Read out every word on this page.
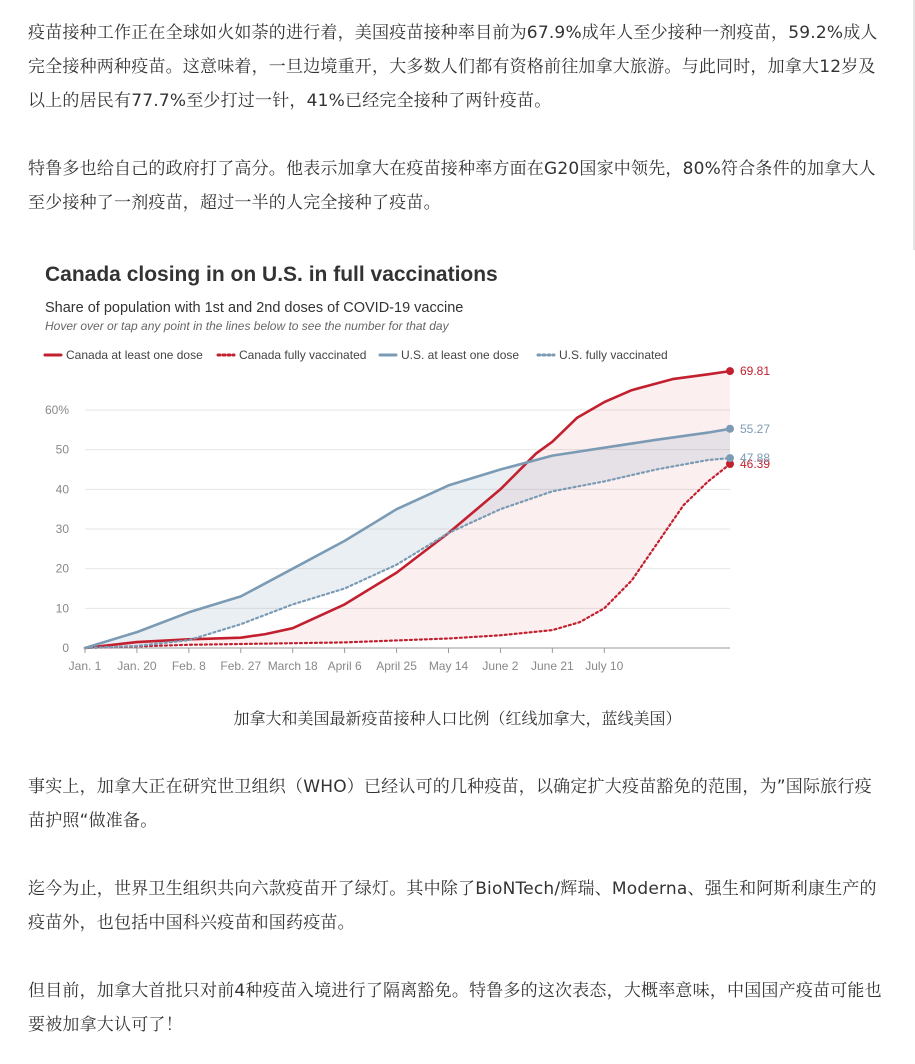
疫苗接种工作正在全球如火如荼的进行着，美国疫苗接种率目前为67.9%成年人至少接种一剂疫苗，59.2%成人完全接种两种疫苗。这意味着，一旦边境重开，大多数人们都有资格前往加拿大旅游。与此同时，加拿大12岁及以上的居民有77.7%至少打过一针，41%已经完全接种了两针疫苗。

特鲁多也给自己的政府打了高分。他表示加拿大在疫苗接种率方面在G20国家中领先，80%符合条件的加拿大人至少接种了一剂疫苗，超过一半的人完全接种了疫苗。

Canada closing in on U.S. in full vaccinations
Share of population with 1st and 2nd doses of COVID-19 vaccine
Hover over or tap any point in the lines below to see the number for that day
Canada at least one dose	Canada fully vaccinated	U.S. at least one dose	U.S. fully vaccinated
60%
50
40
30
20
10
0
Jan. 1 Jan. 20 Feb. 8 Feb. 27 March 18 April 6 April 25 May 14 June 2 June 21 July 10
69.81
46.39
55.27
47.88
加拿大和美国最新疫苗接种人口比例（红线加拿大，蓝线美国）

事实上，加拿大正在研究世卫组织（WHO）已经认可的几种疫苗，以确定扩大疫苗豁免的范围，为”国际旅行疫苗护照“做准备。

迄今为止，世界卫生组织共向六款疫苗开了绿灯。其中除了BioNTech/辉瑞、Moderna、强生和阿斯利康生产的疫苗外，也包括中国科兴疫苗和国药疫苗。

但目前，加拿大首批只对前4种疫苗入境进行了隔离豁免。特鲁多的这次表态，大概率意味，中国国产疫苗可能也要被加拿大认可了！
